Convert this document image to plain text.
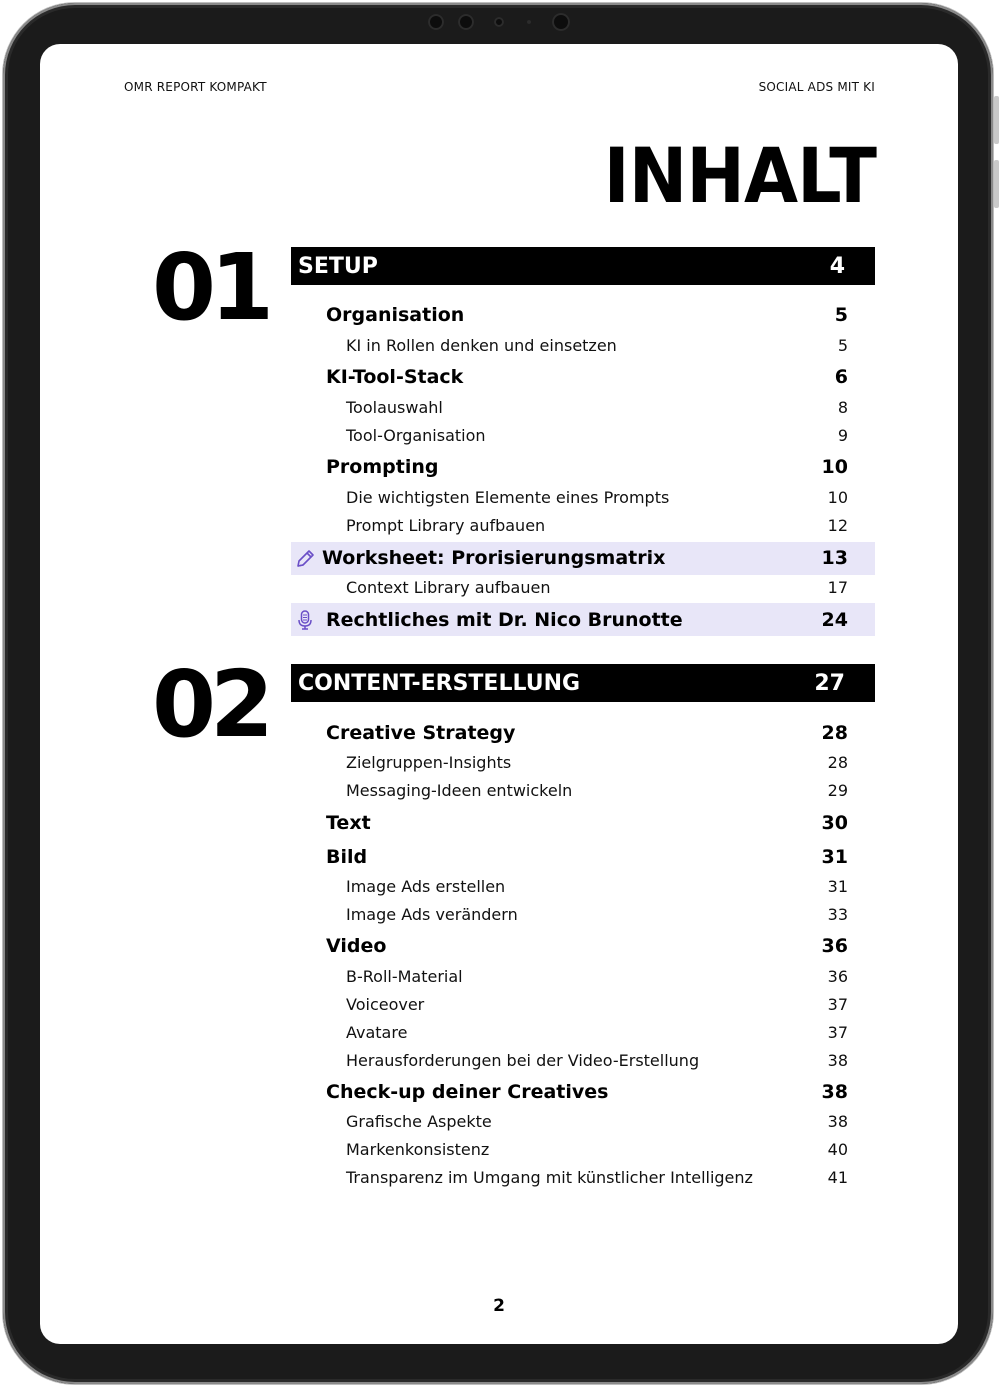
OMR REPORT KOMPAKT	SOCIAL ADS MIT KI
INHALT
01 SETUP	4
Organisation	5
KI in Rollen denken und einsetzen	5
KI-Tool-Stack	6
Toolauswahl	8
Tool-Organisation	9
Prompting	10
Die wichtigsten Elemente eines Prompts	10
Prompt Library aufbauen	12
Worksheet: Prorisierungsmatrix	13
Context Library aufbauen	17
Rechtliches mit Dr. Nico Brunotte	24
02 CONTENT-ERSTELLUNG	27
Creative Strategy	28
Zielgruppen-Insights	28
Messaging-Ideen entwickeln	29
Text	30
Bild	31
Image Ads erstellen	31
Image Ads verändern	33
Video	36
B-Roll-Material	36
Voiceover	37
Avatare	37
Herausforderungen bei der Video-Erstellung	38
Check-up deiner Creatives	38
Grafische Aspekte	38
Markenkonsistenz	40
Transparenz im Umgang mit künstlicher Intelligenz	41
2
